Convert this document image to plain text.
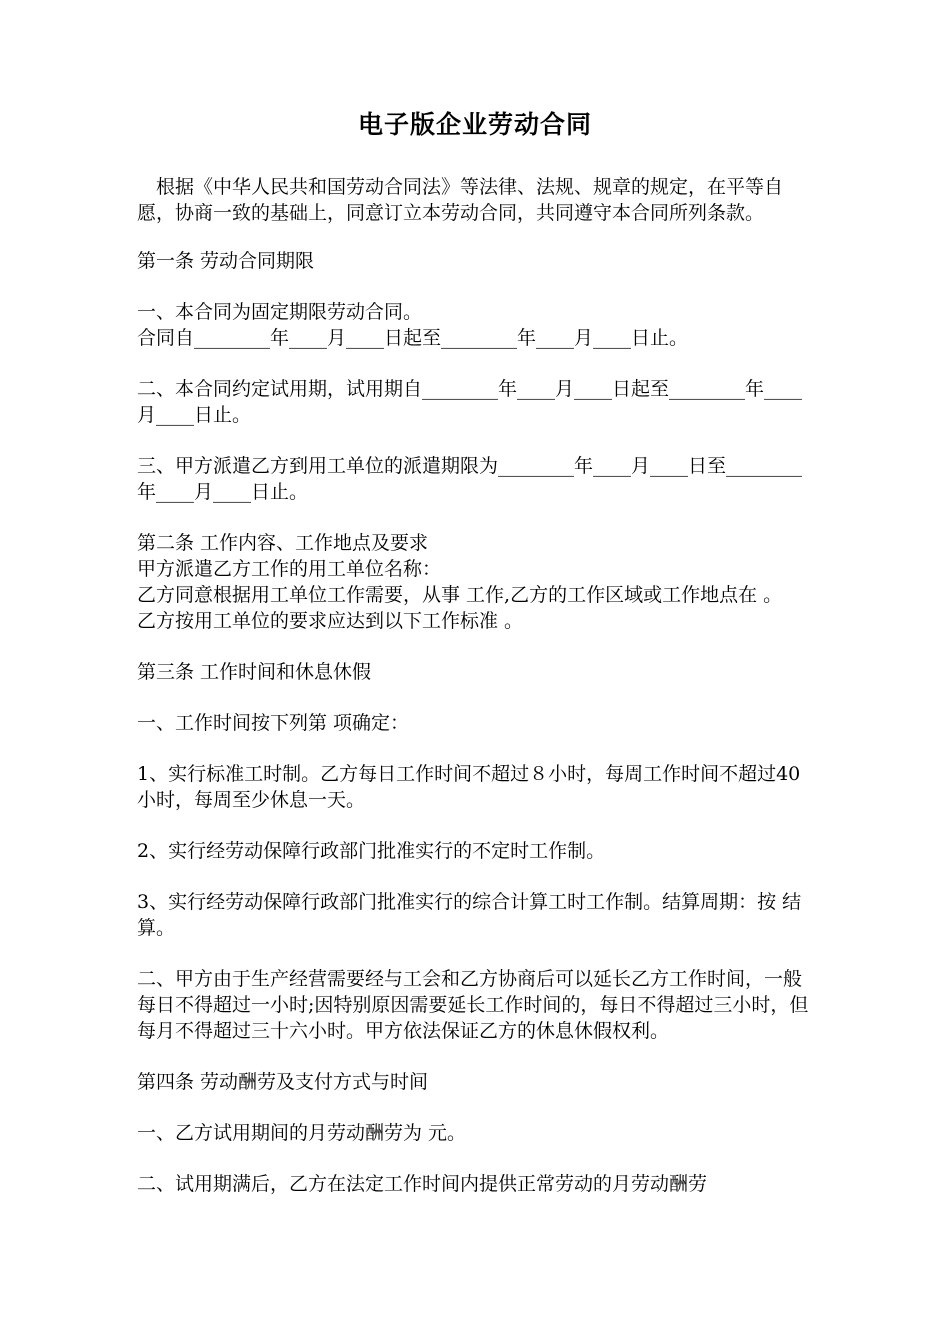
电子版企业劳动合同

　根据《中华人民共和国劳动合同法》等法律、法规、规章的规定，在平等自愿，协商一致的基础上，同意订立本劳动合同，共同遵守本合同所列条款。

第一条 劳动合同期限

一、本合同为固定期限劳动合同。

合同自________年____月____日起至________年____月____日止。

二、本合同约定试用期，试用期自________年____月____日起至________年____月____日止。

三、甲方派遣乙方到用工单位的派遣期限为________年____月____日至________年____月____日止。

第二条 工作内容、工作地点及要求

甲方派遣乙方工作的用工单位名称：

乙方同意根据用工单位工作需要，从事 工作,乙方的工作区域或工作地点在 。

乙方按用工单位的要求应达到以下工作标准 。

第三条 工作时间和休息休假

一、工作时间按下列第 项确定：

1、实行标准工时制。乙方每日工作时间不超过８小时，每周工作时间不超过40小时，每周至少休息一天。

2、实行经劳动保障行政部门批准实行的不定时工作制。

3、实行经劳动保障行政部门批准实行的综合计算工时工作制。结算周期：按 结算。

二、甲方由于生产经营需要经与工会和乙方协商后可以延长乙方工作时间，一般每日不得超过一小时;因特别原因需要延长工作时间的，每日不得超过三小时，但每月不得超过三十六小时。甲方依法保证乙方的休息休假权利。

第四条 劳动酬劳及支付方式与时间

一、乙方试用期间的月劳动酬劳为 元。

二、试用期满后，乙方在法定工作时间内提供正常劳动的月劳动酬劳
